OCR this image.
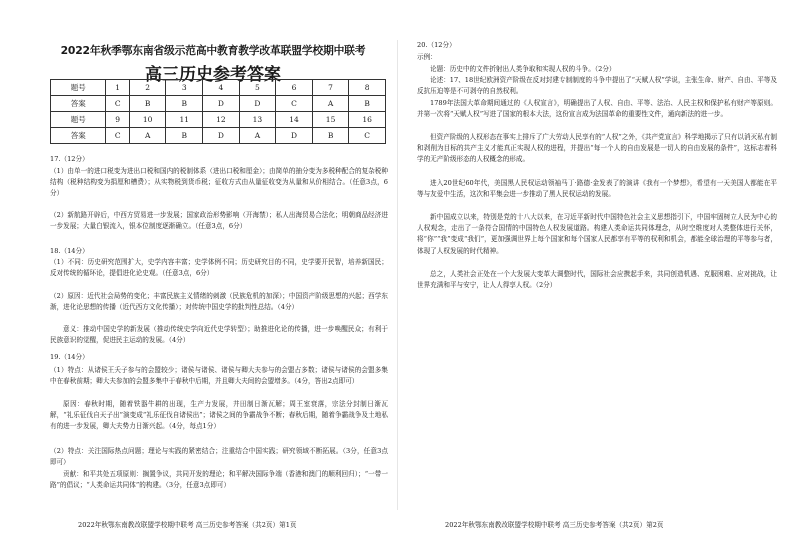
2022年秋季鄂东南省级示范高中教育教学改革联盟学校期中联考
高三历史参考答案
题号	1	2	3	4	5	6	7	8
答案	C	B	B	D	D	C	A	B
题号	9	10	11	12	13	14	15	16
答案	C	A	B	D	A	D	B	C

17.（12分）

（1）由单一的进口税变为进出口税和国内的税制体系（进出口税和厘金）；由简单的抽分变为多税种配合的复杂税种结构（税种结构变为捐厘和槽费）；从实物税到货币税；征收方式由从量征收变为从量和从价相结合。（任意3点，6分）

（2）新航路开辟后，中西方贸易进一步发展；国家政治形势影响（开海禁）；私人出海贸易合法化；明朝商品经济进一步发展；大量白银流入，银本位制度逐渐确立。（任意3点，6分）

18.（14分）

（1）不同：历史研究范围扩大，史学内容丰富；史学体例不同；历史研究目的不同，史学要开民智，培养新国民；反对传统的循环论，提倡进化论史观。（任意3点，6分）

（2）原因：近代社会局势的变化；丰富民族主义情绪的刺激（民族危机的加深）；中国资产阶级思想的兴起；西学东渐，进化论思想的传播（近代西方文化传播）；对传统中国史学的批判性总结。（4分）

意义：推动中国史学的新发展（推动传统史学向近代史学转型）；助推进化论的传播，进一步唤醒民众；有利于民族意识的觉醒，促进民主运动的发展。（4分）

19.（14分）

（1）特点：从诸侯王夭子参与的会盟较少；诸侯与诸侯、诸侯与卿大夫参与的会盟占多数；诸侯与诸侯的会盟多集中在春秋前期；卿大夫参加的会盟多集中于春秋中后期，并且卿大夫间的会盟增多。（4分，答出2点即可）

原因：春秋时期，随着铁器牛耕的出现，生产力发展，井田制日渐瓦解；周王室衰落，宗法分封制日渐瓦解，“礼乐征伐自天子出”演变成“礼乐征伐自诸侯出”；诸侯之间的争霸战争不断；春秋后期，随着争霸战争及土地私有的进一步发展，卿大夫势力日渐兴起。（4分，每点1分）

（2）特点：关注国际热点问题；理论与实践的紧密结合；注重结合中国实践；研究领域不断拓展。（3分，任意3点即可）

贡献：和平共处五项原则：搁置争议，共同开发的理论；和平解决国际争端（香港和澳门的顺利回归）；“一带一路”的倡议；“人类命运共同体”的构建。（3分，任意3点即可）

2022年秋鄂东南教改联盟学校期中联考 高三历史参考答案（共2页）第1页

20.（12分）

示例：

论题：历史中的文件折射出人类争取和实现人权的斗争。（2分）

论述：17、18世纪欧洲资产阶级在反对封建专制制度的斗争中提出了“天赋人权”学说，主张生命、财产、自由、平等及反抗压迫等是不可剥夺的自然权利。

1789年法国大革命期间通过的《人权宣言》，明确提出了人权、自由、平等、法治、人民主权和保护私有财产等原则。并第一次将“天赋人权”写进了国家的根本大法，这份宣言成为法国革命的重要性文件，通向新法的进一步。

但资产阶级的人权形态在事实上排斥了广大劳动人民享有的“人权”之外，《共产党宣言》科学地揭示了只有以消灭私有制和剥削为目标的共产主义才能真正实现人权的进程，并提出“每一个人的自由发展是一切人的自由发展的条件”，这标志着科学的无产阶级形态的人权概念的形成。

进入20世纪60年代，美国黑人民权运动领袖马丁·路德·金发表了的演讲《我有一个梦想》，希望有一天美国人都能在平等与友爱中生活，这次和平集会进一步推动了黑人民权运动的发展。

新中国成立以来，特别是党的十八大以来，在习近平新时代中国特色社会主义思想指引下，中国牢固树立人民为中心的人权观念，走出了一条符合国情的中国特色人权发展道路。构建人类命运共同体理念，从时空维度对人类整体进行关怀，将“你”“我”变成“我们”，更加强调世界上每个国家和每个国家人民都享有平等的权利和机会，都能全球治理的平等参与者，体现了人权发展的时代精神。

总之，人类社会正处在一个大发展大变革大调整时代，国际社会应携起手来，共同创造机遇、克服困难、应对挑战，让世界充满和平与安宁，让人人得享人权。（2分）

2022年秋鄂东南教改联盟学校期中联考 高三历史参考答案（共2页）第2页
